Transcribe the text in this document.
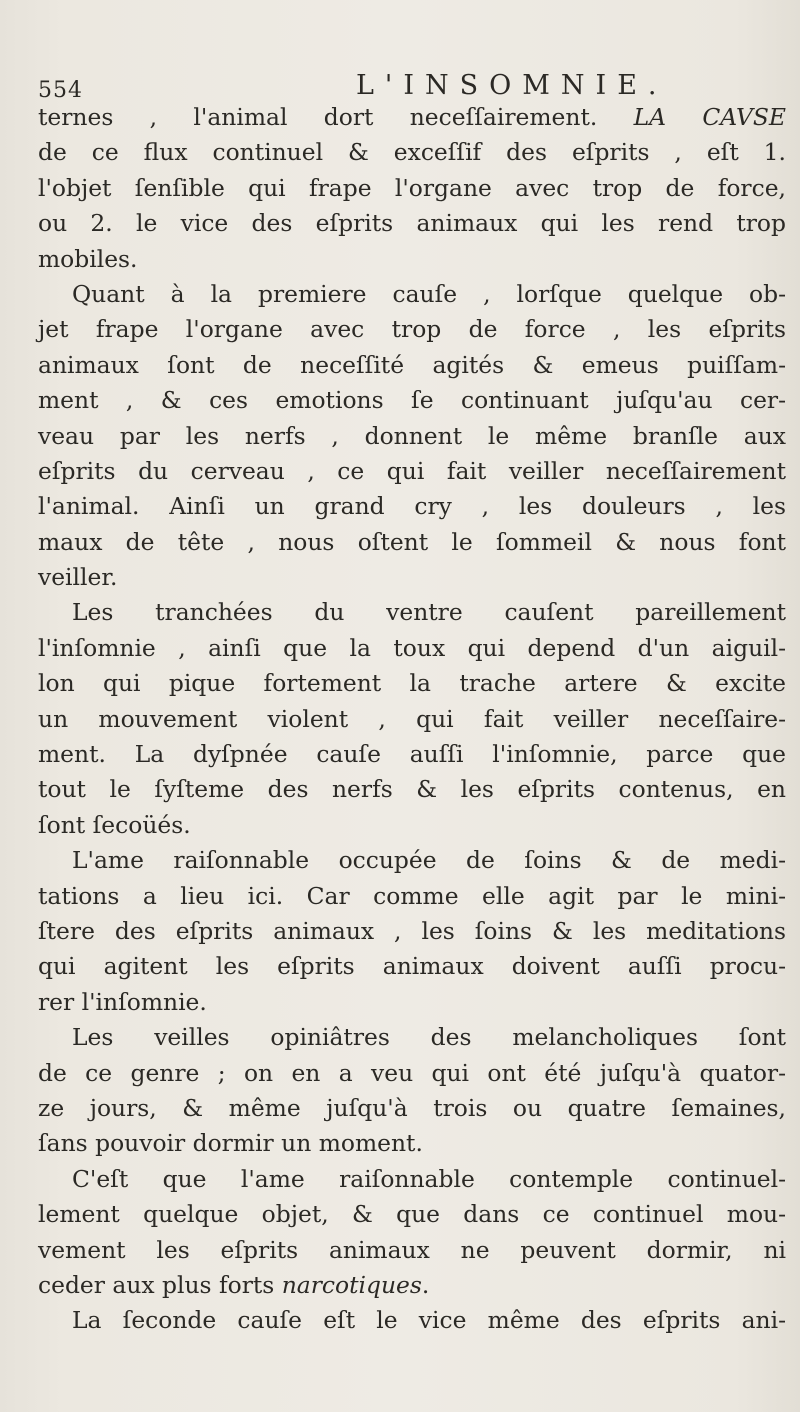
554	L'INSOMNIE.
ternes , l'animal dort neceſſairement. LA CAVSE
de ce flux continuel & exceſſif des eſprits , eſt 1.
l'objet ſenſible qui frape l'organe avec trop de force,
ou 2. le vice des eſprits animaux qui les rend trop
mobiles.
Quant à la premiere cauſe , lorſque quelque ob-
jet frape l'organe avec trop de force , les eſprits
animaux ſont de neceſſité agités & emeus puiſſam-
ment , & ces emotions ſe continuant juſqu'au cer-
veau par les nerfs , donnent le même branſle aux
eſprits du cerveau , ce qui fait veiller neceſſairement
l'animal. Ainſi un grand cry , les douleurs , les
maux de tête , nous oſtent le ſommeil & nous font
veiller.
Les tranchées du ventre cauſent pareillement
l'inſomnie , ainſi que la toux qui depend d'un aiguil-
lon qui pique fortement la trache artere & excite
un mouvement violent , qui fait veiller neceſſaire-
ment. La dyſpnée cauſe auſſi l'inſomnie, parce que
tout le ſyſteme des nerfs & les eſprits contenus, en
ſont ſecoüés.
L'ame raiſonnable occupée de ſoins & de medi-
tations a lieu ici. Car comme elle agit par le mini-
ſtere des eſprits animaux , les ſoins & les meditations
qui agitent les eſprits animaux doivent auſſi procu-
rer l'inſomnie.
Les veilles opiniâtres des melancholiques ſont
de ce genre ; on en a veu qui ont été juſqu'à quator-
ze jours, & même juſqu'à trois ou quatre ſemaines,
ſans pouvoir dormir un moment.
C'eſt que l'ame raiſonnable contemple continuel-
lement quelque objet, & que dans ce continuel mou-
vement les eſprits animaux ne peuvent dormir, ni
ceder aux plus forts narcotiques.
La ſeconde cauſe eſt le vice même des eſprits ani-
